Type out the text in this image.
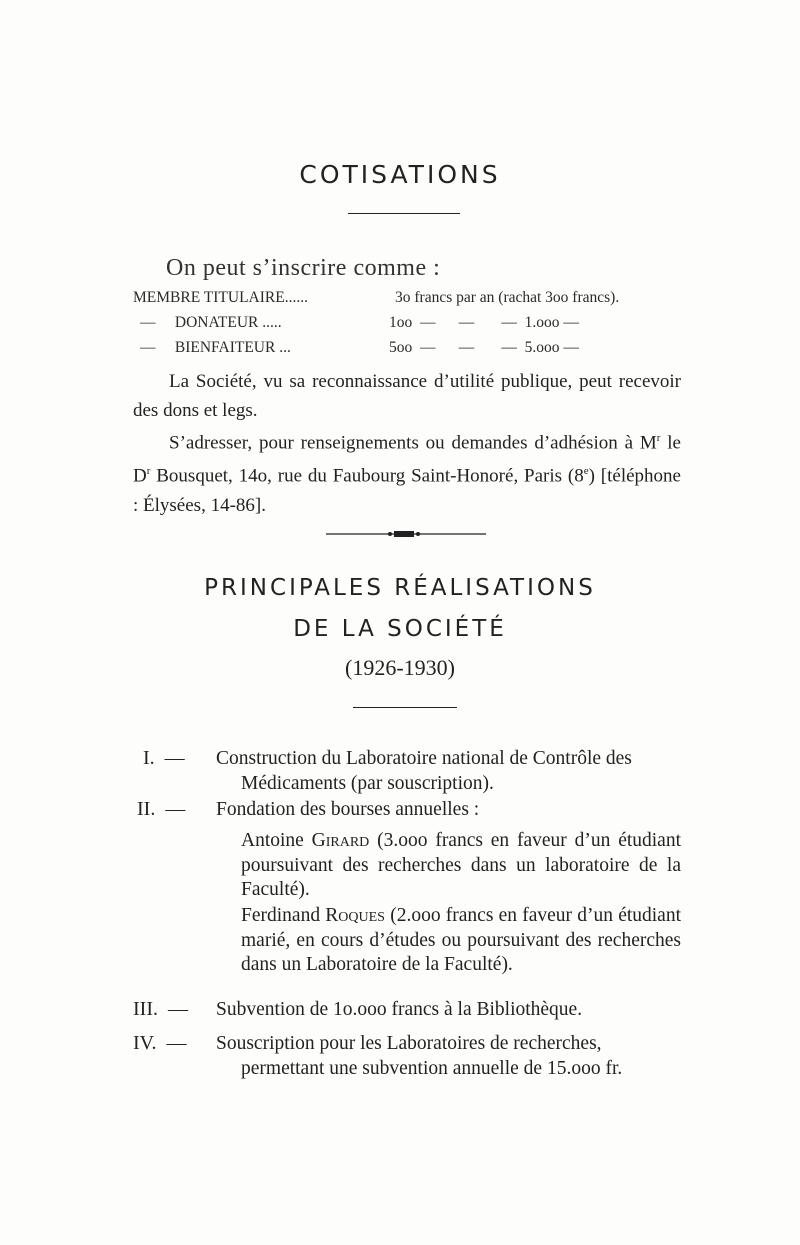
COTISATIONS
On peut s’inscrire comme :
MEMBRE TITULAIRE......	3o francs par an (rachat 3oo francs).
—     DONATEUR .....	1oo  —      —       —  1.ooo —
—     BIENFAITEUR ...	5oo  —      —       —  5.ooo —

La Société, vu sa reconnaissance d’utilité publique, peut recevoir des dons et legs.

S’adresser, pour renseignements ou demandes d’adhésion à $M^r$ le $D^r$ Bousquet, 14o, rue du Faubourg Saint-Honoré, Paris (8e) [téléphone : Élysées, 14-86].

PRINCIPALES RÉALISATIONS
DE LA SOCIÉTÉ
(1926-1930)
I.  — Construction du Laboratoire national de Contrôle des Médicaments (par souscription).

II.  — Fondation des bourses annuelles :

Antoine Girard (3.ooo francs en faveur d’un étudiant poursuivant des recherches dans un laboratoire de la Faculté).

Ferdinand Roques (2.ooo francs en faveur d’un étudiant marié, en cours d’études ou poursuivant des recherches dans un Laboratoire de la Faculté).

III.  — Subvention de 1o.ooo francs à la Bibliothèque.

IV.  — Souscription pour les Laboratoires de recherches, permettant une subvention annuelle de 15.ooo fr.
